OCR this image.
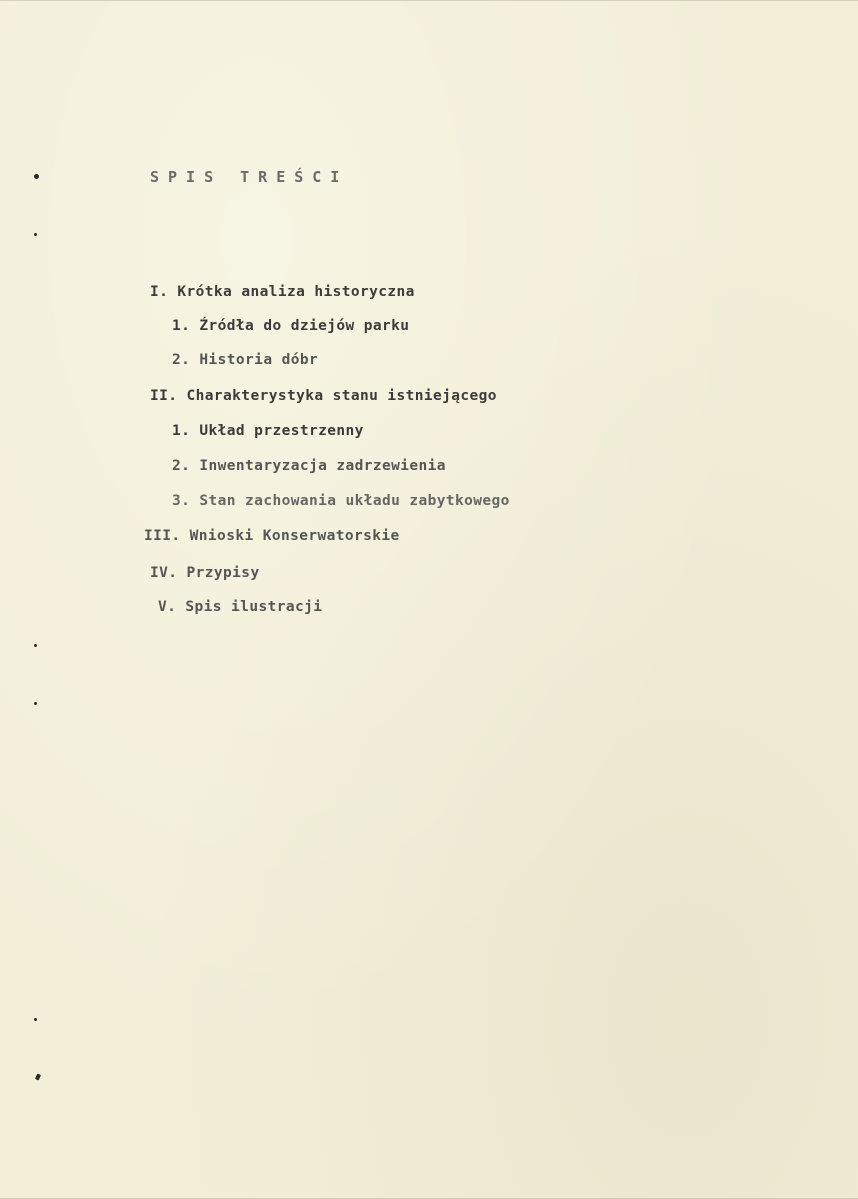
SPIS TREŚCI
I. Krótka analiza historyczna
1. Źródła do dziejów parku
2. Historia dóbr
II. Charakterystyka stanu istniejącego
1. Układ przestrzenny
2. Inwentaryzacja zadrzewienia
3. Stan zachowania układu zabytkowego
III. Wnioski Konserwatorskie
IV. Przypisy
V. Spis ilustracji
